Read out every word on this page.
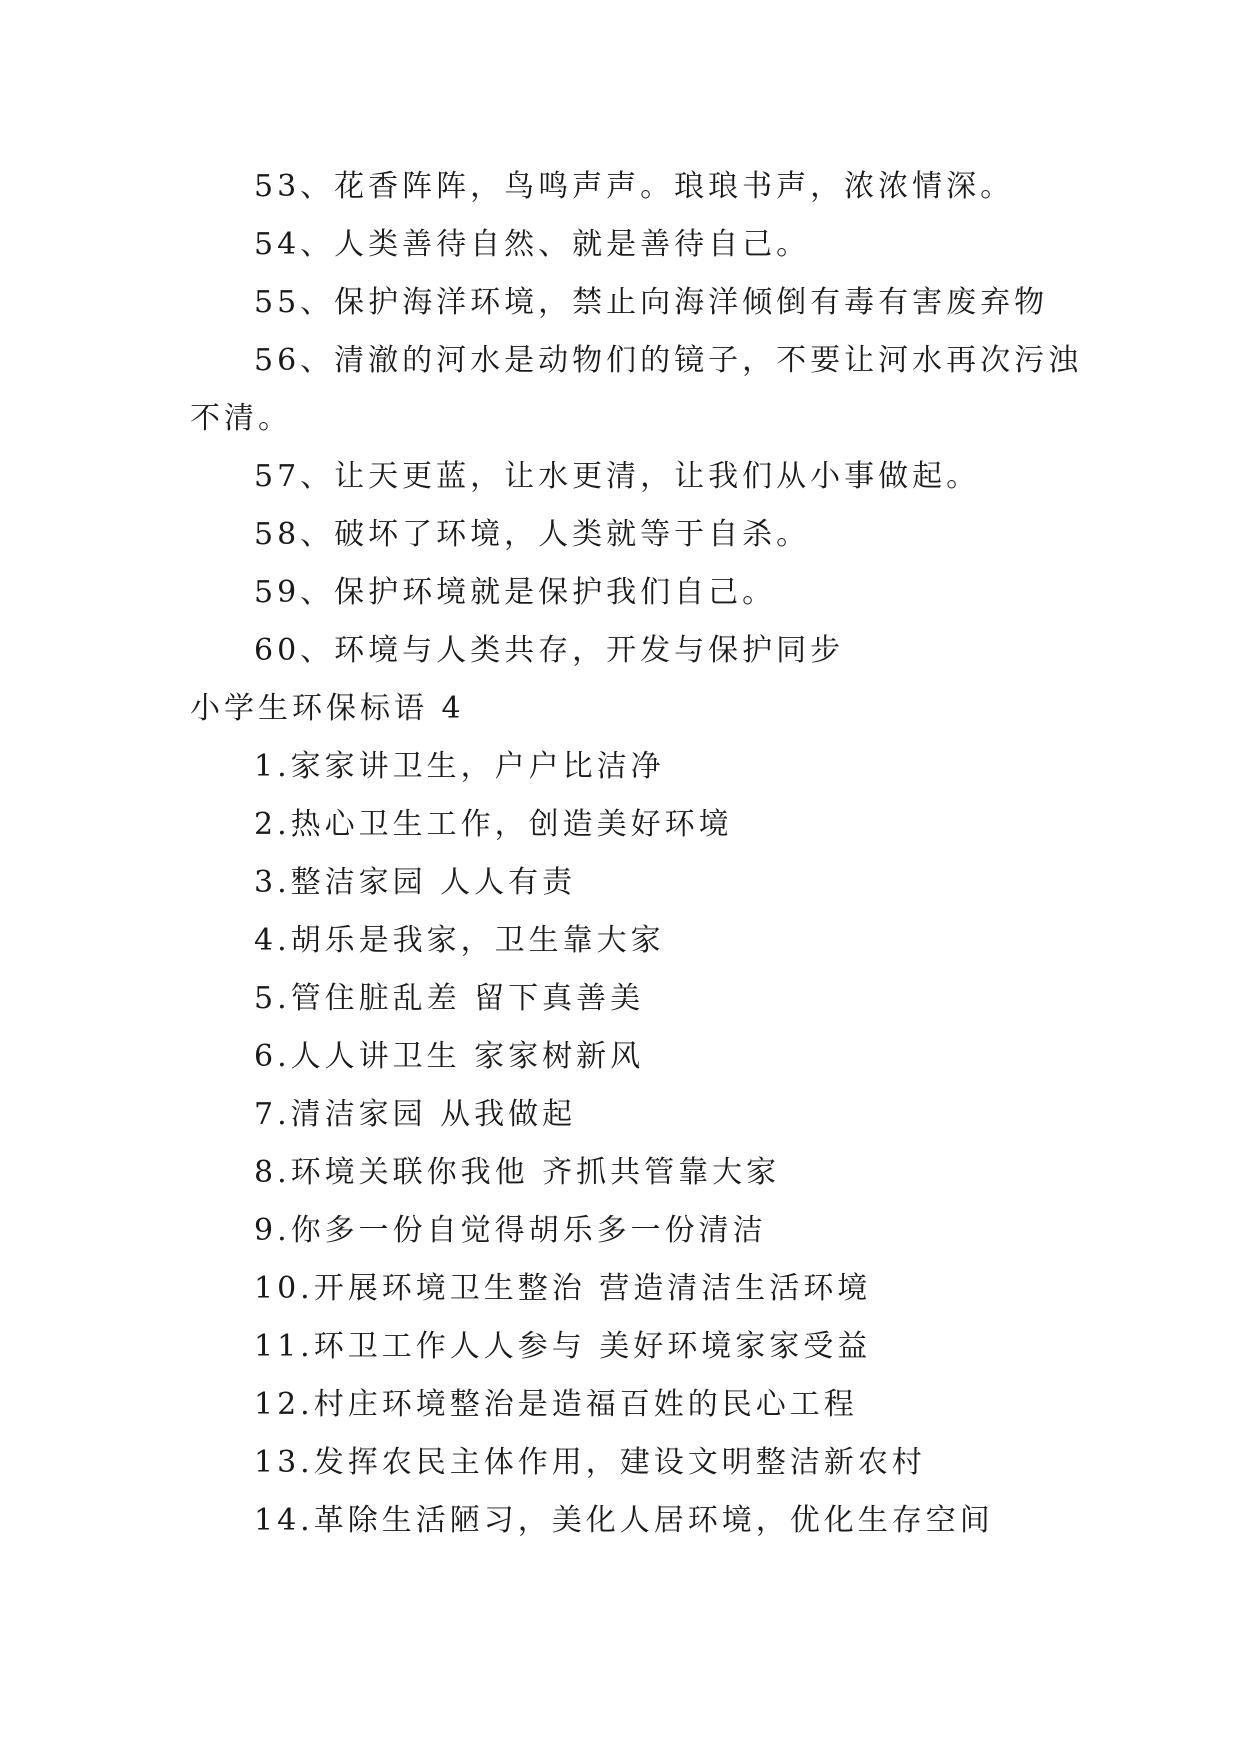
53、花香阵阵，鸟鸣声声。琅琅书声，浓浓情深。

54、人类善待自然、就是善待自己。

55、保护海洋环境，禁止向海洋倾倒有毒有害废弃物

56、清澈的河水是动物们的镜子，不要让河水再次污浊

不清。

57、让天更蓝，让水更清，让我们从小事做起。

58、破坏了环境，人类就等于自杀。

59、保护环境就是保护我们自己。

60、环境与人类共存，开发与保护同步

小学生环保标语 4

1.家家讲卫生，户户比洁净

2.热心卫生工作，创造美好环境

3.整洁家园 人人有责

4.胡乐是我家，卫生靠大家

5.管住脏乱差 留下真善美

6.人人讲卫生 家家树新风

7.清洁家园 从我做起

8.环境关联你我他 齐抓共管靠大家

9.你多一份自觉得胡乐多一份清洁

10.开展环境卫生整治 营造清洁生活环境

11.环卫工作人人参与 美好环境家家受益

12.村庄环境整治是造福百姓的民心工程

13.发挥农民主体作用，建设文明整洁新农村

14.革除生活陋习，美化人居环境，优化生存空间
